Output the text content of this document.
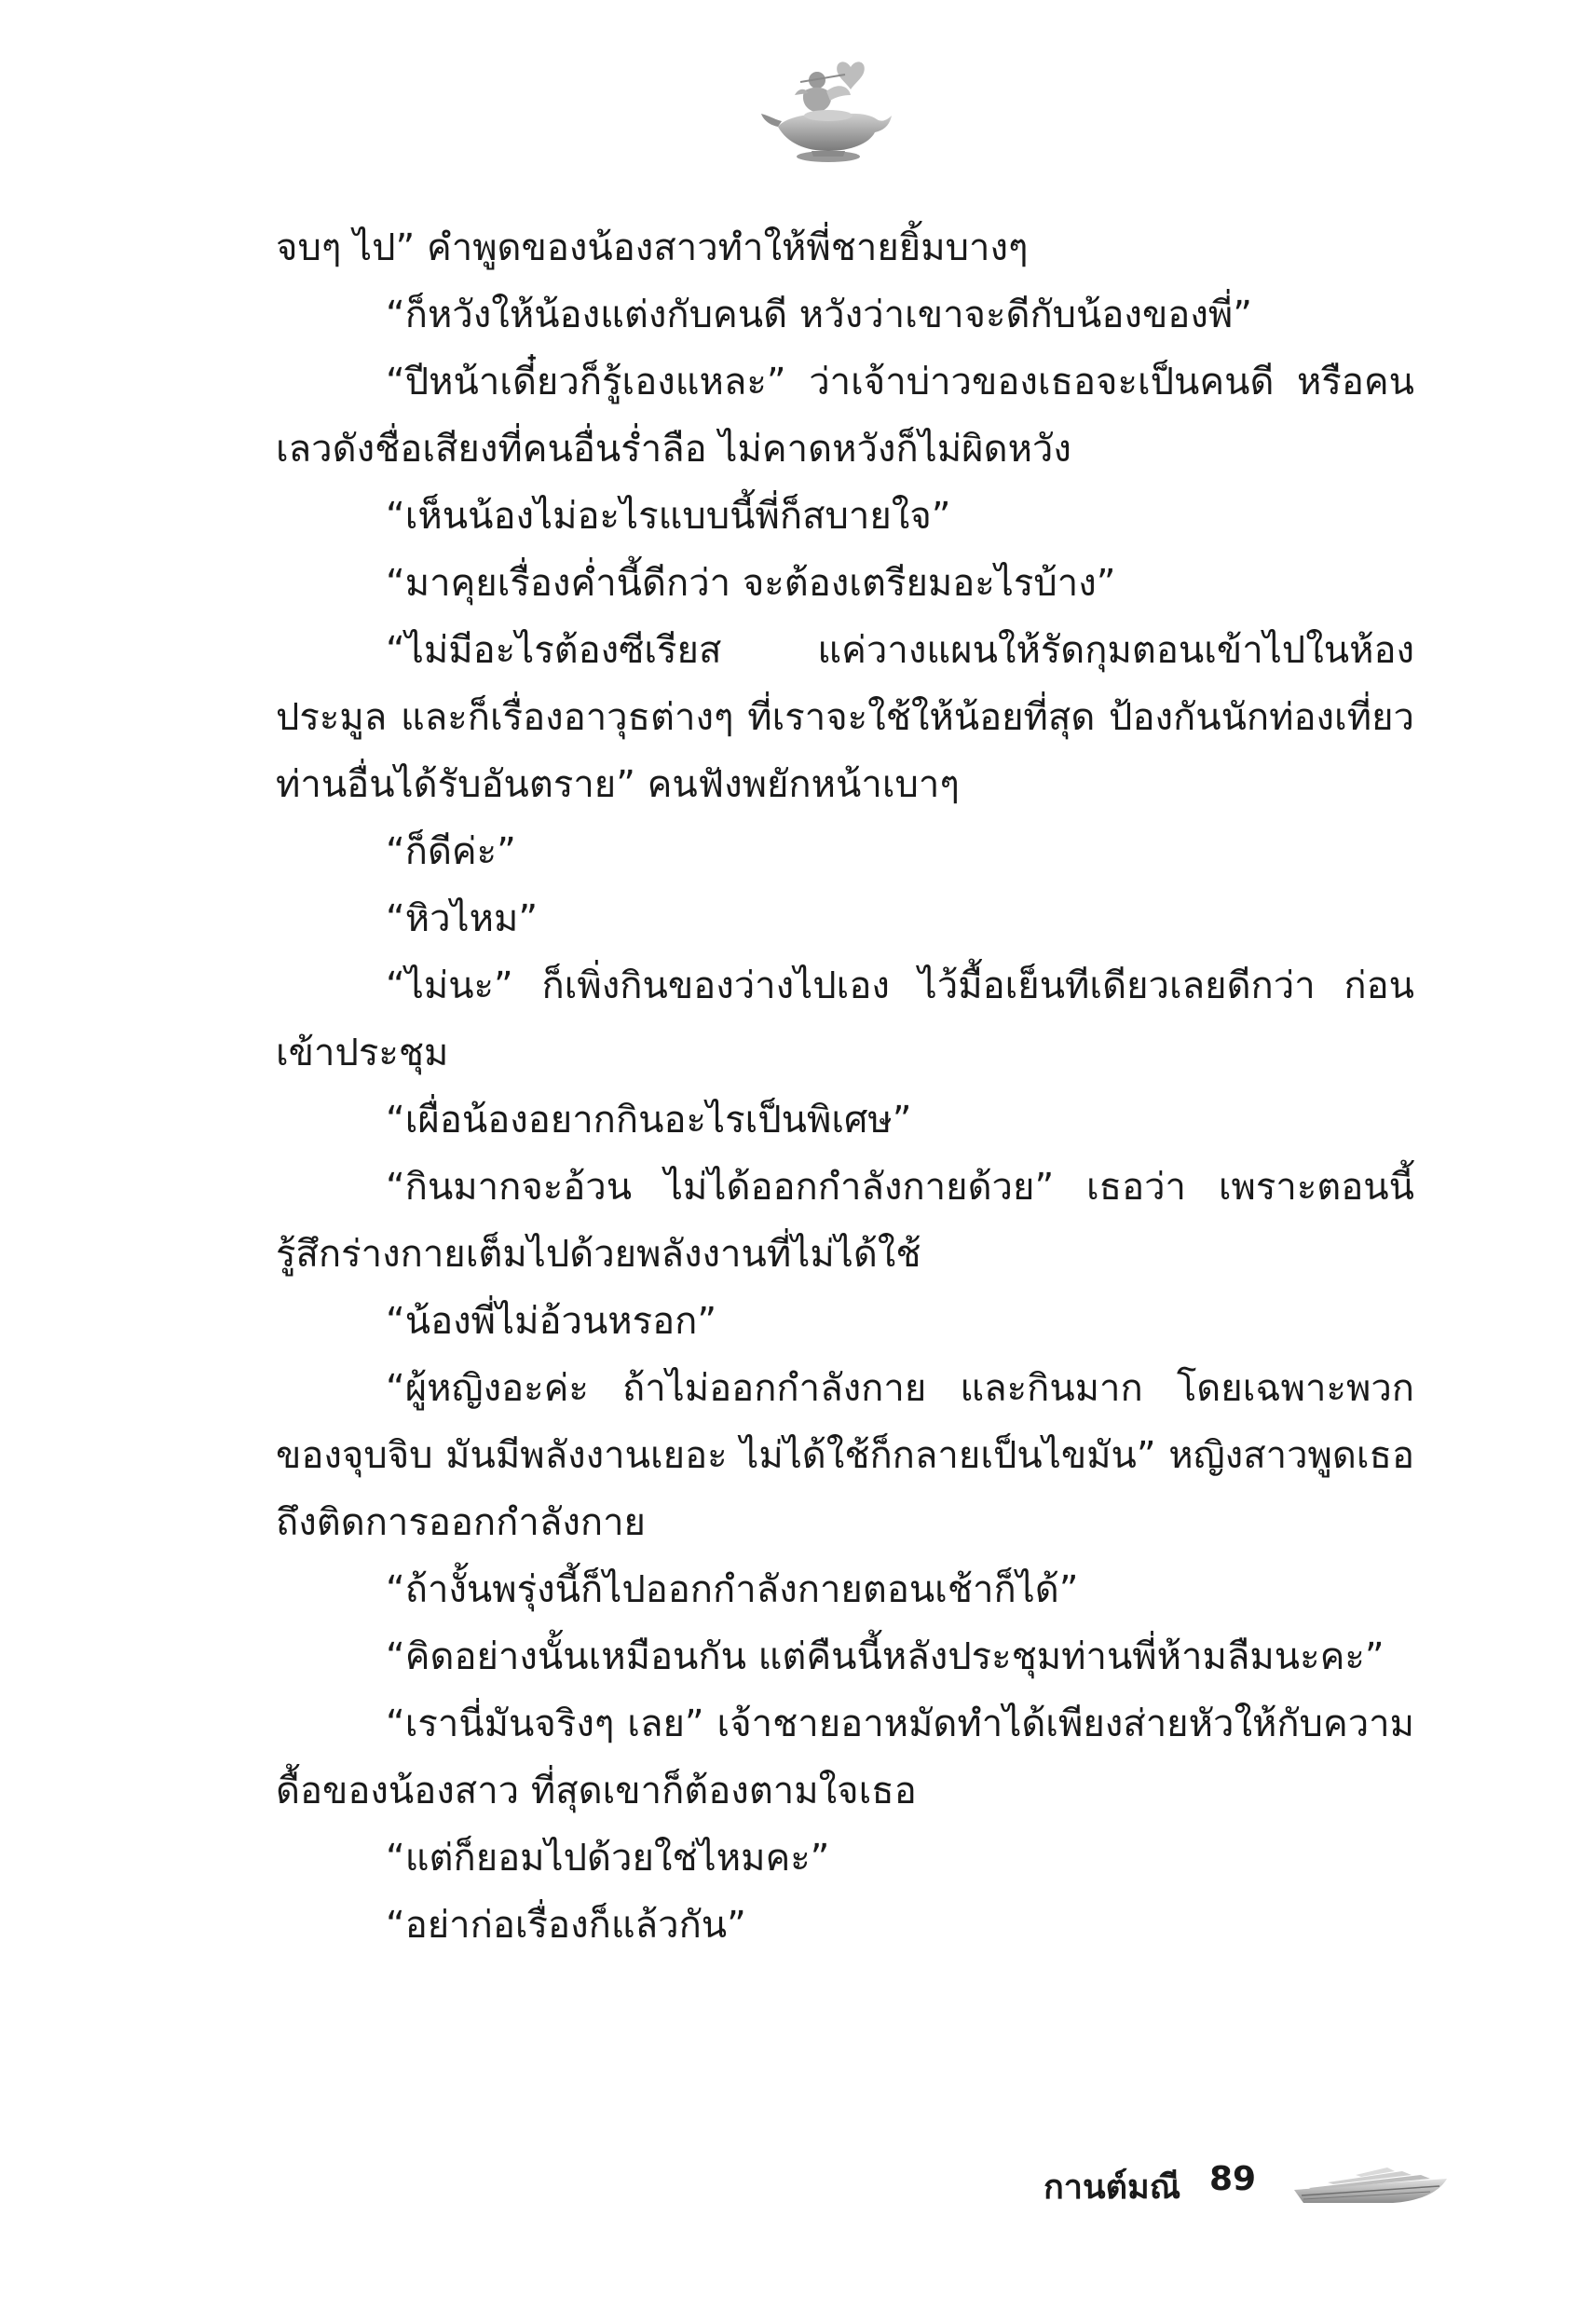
จบๆ ไป” คำพูดของน้องสาวทำให้พี่ชายยิ้มบางๆ

“ก็หวังให้น้องแต่งกับคนดี หวังว่าเขาจะดีกับน้องของพี่”

“ปีหน้าเดี๋ยวก็รู้เองแหละ” ว่าเจ้าบ่าวของเธอจะเป็นคนดี หรือคนเลวดังชื่อเสียงที่คนอื่นร่ำลือ ไม่คาดหวังก็ไม่ผิดหวัง

“เห็นน้องไม่อะไรแบบนี้พี่ก็สบายใจ”

“มาคุยเรื่องค่ำนี้ดีกว่า จะต้องเตรียมอะไรบ้าง”

“ไม่มีอะไรต้องซีเรียส แค่วางแผนให้รัดกุมตอนเข้าไปในห้องประมูล และก็เรื่องอาวุธต่างๆ ที่เราจะใช้ให้น้อยที่สุด ป้องกันนักท่องเที่ยวท่านอื่นได้รับอันตราย” คนฟังพยักหน้าเบาๆ

“ก็ดีค่ะ”

“หิวไหม”

“ไม่นะ” ก็เพิ่งกินของว่างไปเอง ไว้มื้อเย็นทีเดียวเลยดีกว่า ก่อนเข้าประชุม

“เผื่อน้องอยากกินอะไรเป็นพิเศษ”

“กินมากจะอ้วน ไม่ได้ออกกำลังกายด้วย” เธอว่า เพราะตอนนี้รู้สึกร่างกายเต็มไปด้วยพลังงานที่ไม่ได้ใช้

“น้องพี่ไม่อ้วนหรอก”

“ผู้หญิงอะค่ะ ถ้าไม่ออกกำลังกาย และกินมาก โดยเฉพาะพวกของจุบจิบ มันมีพลังงานเยอะ ไม่ได้ใช้ก็กลายเป็นไขมัน” หญิงสาวพูดเธอถึงติดการออกกำลังกาย

“ถ้างั้นพรุ่งนี้ก็ไปออกกำลังกายตอนเช้าก็ได้”

“คิดอย่างนั้นเหมือนกัน แต่คืนนี้หลังประชุมท่านพี่ห้ามลืมนะคะ”

“เรานี่มันจริงๆ เลย” เจ้าชายอาหมัดทำได้เพียงส่ายหัวให้กับความดื้อของน้องสาว ที่สุดเขาก็ต้องตามใจเธอ

“แต่ก็ยอมไปด้วยใช่ไหมคะ”

“อย่าก่อเรื่องก็แล้วกัน”

กานต์มณี 89
